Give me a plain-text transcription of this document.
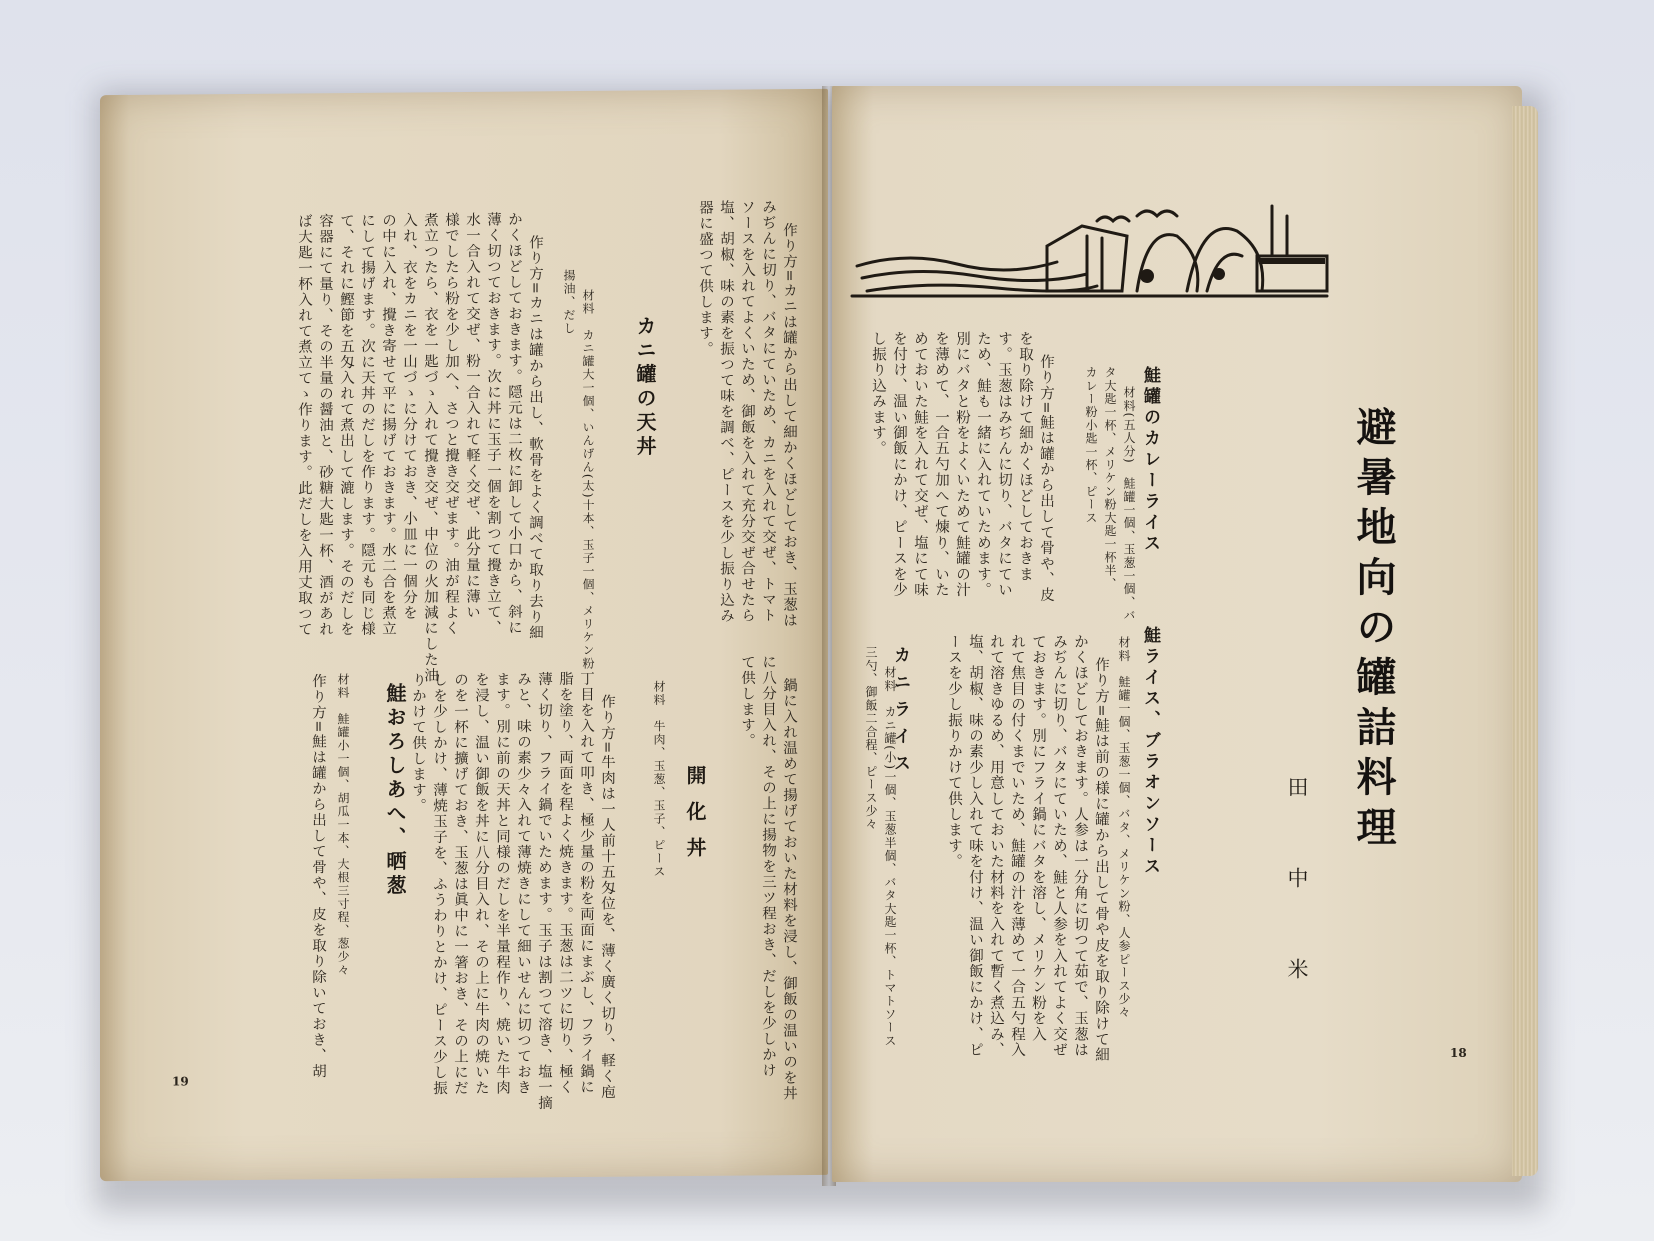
作り方=カニは罐から出して細かくほどしておき、玉葱は
みぢんに切り、バタにていため、カニを入れて交ぜ、トマト
ソースを入れてよくいため、御飯を入れて充分交ぜ合せたら
塩、胡椒、味の素を振つて味を調べ、ピースを少し振り込み
器に盛つて供します。

カニ罐の天丼

材料　カニ罐大一個、いんげん(太)十本、玉子一個、メリケン粉
揚油、だし

作り方=カニは罐から出し、軟骨をよく調べて取り去り細
かくほどしておきます。隠元は二枚に卸して小口から、斜に
薄く切つておきます。次に丼に玉子一個を割つて攪き立て、
水一合入れて交ぜ、粉一合入れて軽く交ぜ、此分量に薄い
様でしたら粉を少し加へ、さつと攪き交ぜます。油が程よく
煮立つたら、衣を一匙づゝ入れて攪き交ぜ、中位の火加減にした油
入れ、衣をカニを一山づゝに分けておき、小皿に一個分を
の中に入れ、攪き寄せて平に揚げておきます。水二合を煮立
にして揚げます。次に天丼のだしを作ります。隠元も同じ様
て、それに鰹節を五匁入れて煮出して漉します。そのだしを
容器にて量り、その半量の醤油と、砂糖大匙一杯、酒があれ
ば大匙一杯入れて煮立てゝ作ります。此だしを入用丈取つて

鍋に入れ温めて揚げておいた材料を浸し、御飯の温いのを丼
に八分目入れ、その上に揚物を三ツ程おき、だしを少しかけ
て供します。

開化丼
材料　牛肉、玉葱、玉子、ピース

作り方=牛肉は一人前十五匁位を、薄く廣く切り、軽く庖
丁目を入れて叩き、極少量の粉を両面にまぶし、フライ鍋に
脂を塗り、両面を程よく焼きます。玉葱は二ツに切り、極く
薄く切り、フライ鍋でいためます。玉子は割つて溶き、塩一摘
みと、味の素少々入れて薄焼きにして細いせんに切つておき
ます。別に前の天丼と同様のだしを半量程作り、焼いた牛肉
を浸し、温い御飯を丼に八分目入れ、その上に牛肉の焼いた
のを一杯に擴げておき、玉葱は眞中に一箸おき、その上にだ
しを少しかけ、薄焼玉子を、ふうわりとかけ、ピース少し振
りかけて供します。

鮭おろしあへ、晒葱
材料　鮭罐小一個、胡瓜一本、大根三寸程、葱少々
作り方=鮭は罐から出して骨や、皮を取り除いておき、胡
19
避暑地向の罐詰料理
田中米
鮭罐のカレーライス

材料(五人分)　鮭罐一個、玉葱一個、バ
タ大匙一杯、メリケン粉大匙一杯半、
カレー粉小匙一杯、ピース

作り方=鮭は罐から出して骨や、皮
を取り除けて細かくほどしておきま
す。玉葱はみぢんに切り、バタにてい
ため、鮭も一緒に入れていためます。
別にバタと粉をよくいためて鮭罐の汁
を薄めて、一合五勺加へて煉り、いた
めておいた鮭を入れて交ぜ、塩にて味
を付け、温い御飯にかけ、ピースを少
し振り込みます。

鮭ライス、ブラオンソース
材料　鮭罐一個、玉葱一個、バタ、メリケン粉、人参ピース少々

作り方=鮭は前の様に罐から出して骨や皮を取り除けて細
かくほどしておきます。人参は一分角に切つて茹で、玉葱は
みぢんに切り、バタにていため、鮭と人参を入れてよく交ぜ
ておきます。別にフライ鍋にバタを溶し、メリケン粉を入
れて焦目の付くまでいため、鮭罐の汁を薄めて一合五勺程入
れて溶きゆるめ、用意しておいた材料を入れて暫く煮込み、
塩、胡椒、味の素少し入れて味を付け、温い御飯にかけ、ピ
ースを少し振りかけて供します。

カニライス

材料　カニ罐(小)一個、玉葱半個、バタ大匙一杯、トマトソース
三勺、御飯二合程、ピース少々

18
